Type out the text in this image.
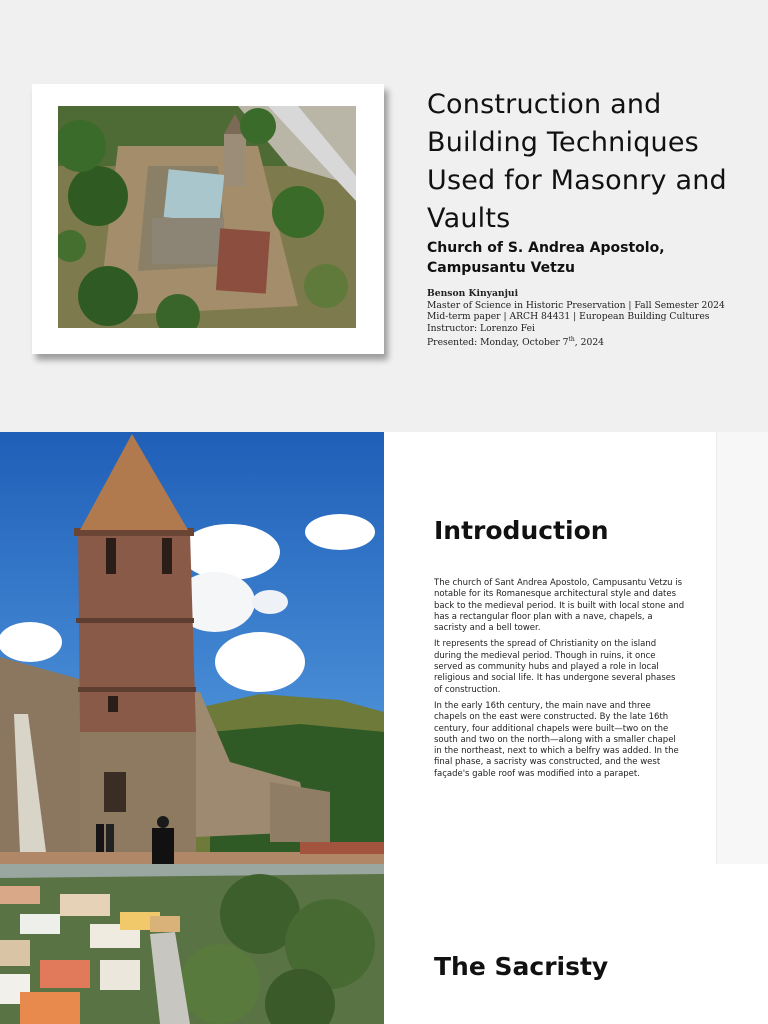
Construction and Building Techniques Used for Masonry and Vaults
Church of S. Andrea Apostolo, Campusantu Vetzu
Benson Kinyanjui
Master of Science in Historic Preservation | Fall Semester 2024
Mid-term paper | ARCH 84431 | European Building Cultures
Instructor: Lorenzo Fei
Presented: Monday, October 7th, 2024
Introduction

The church of Sant Andrea Apostolo, Campusantu Vetzu is notable for its Romanesque architectural style and dates back to the medieval period. It is built with local stone and has a rectangular floor plan with a nave, chapels, a sacristy and a bell tower.

It represents the spread of Christianity on the island during the medieval period. Though in ruins, it once served as community hubs and played a role in local religious and social life. It has undergone several phases of construction.

In the early 16th century, the main nave and three chapels on the east were constructed. By the late 16th century, four additional chapels were built—two on the south and two on the north—along with a smaller chapel in the northeast, next to which a belfry was added. In the final phase, a sacristy was constructed, and the west façade's gable roof was modified into a parapet.

The Sacristy
